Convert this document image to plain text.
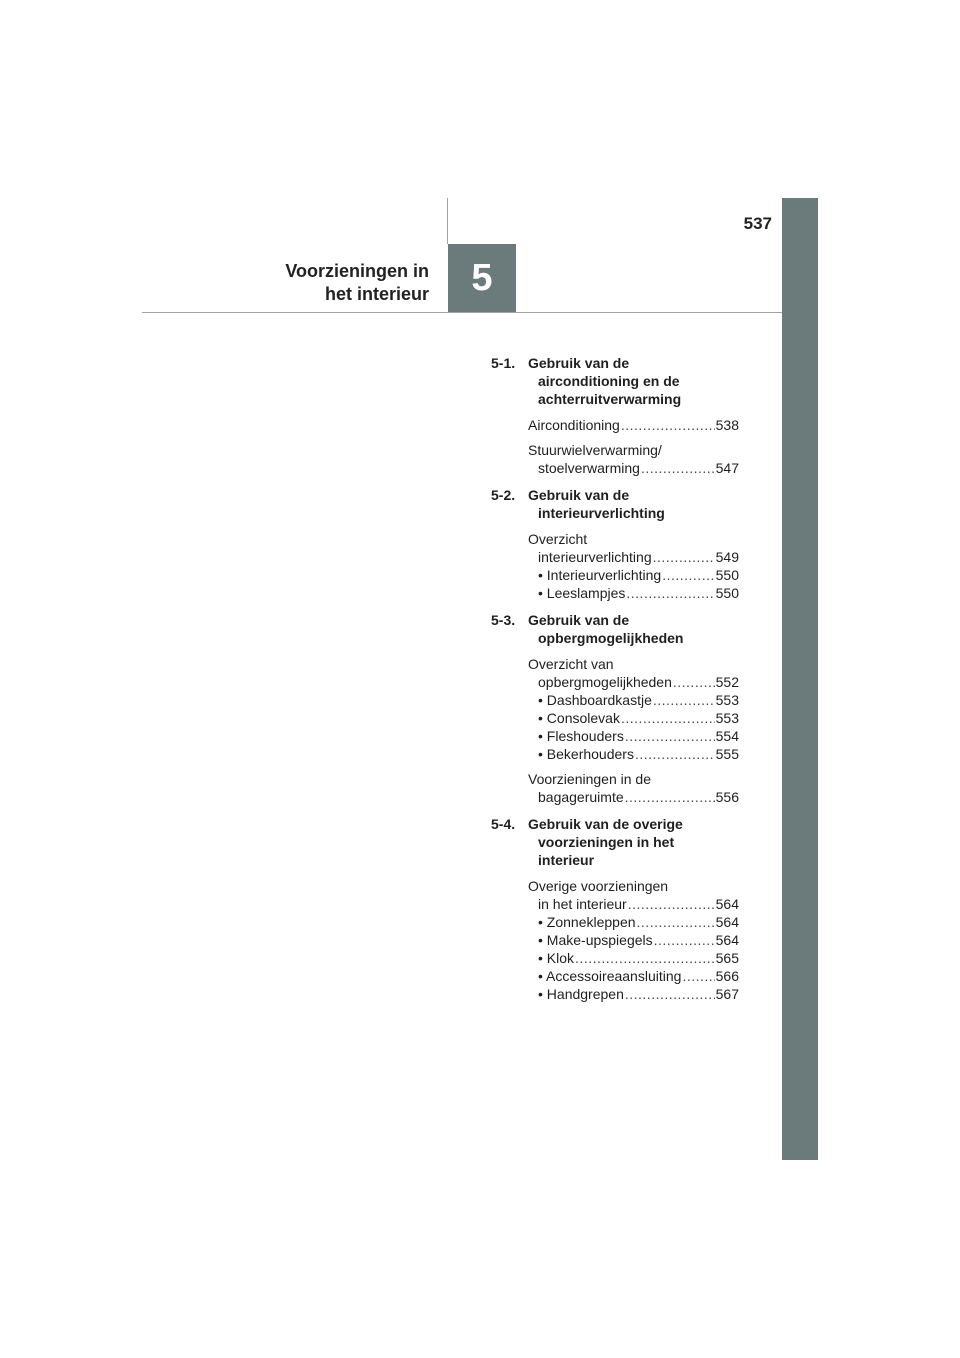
537
5
Voorzieningen in
het interieur
5-1. Gebruik van de
airconditioning en de
achterruitverwarming
Airconditioning .....	538
Stuurwielverwarming/
stoelverwarming .....	547
5-2. Gebruik van de
interieurverlichting
Overzicht
interieurverlichting .....	549
• Interieurverlichting .....	550
• Leeslampjes .....	550
5-3. Gebruik van de
opbergmogelijkheden
Overzicht van
opbergmogelijkheden .....	552
• Dashboardkastje .....	553
• Consolevak .....	553
• Fleshouders .....	554
• Bekerhouders .....	555
Voorzieningen in de
bagageruimte .....	556
5-4. Gebruik van de overige
voorzieningen in het
interieur
Overige voorzieningen
in het interieur .....	564
• Zonnekleppen .....	564
• Make-upspiegels .....	564
• Klok .....	565
• Accessoireaansluiting ..... 566
• Handgrepen .....	567
